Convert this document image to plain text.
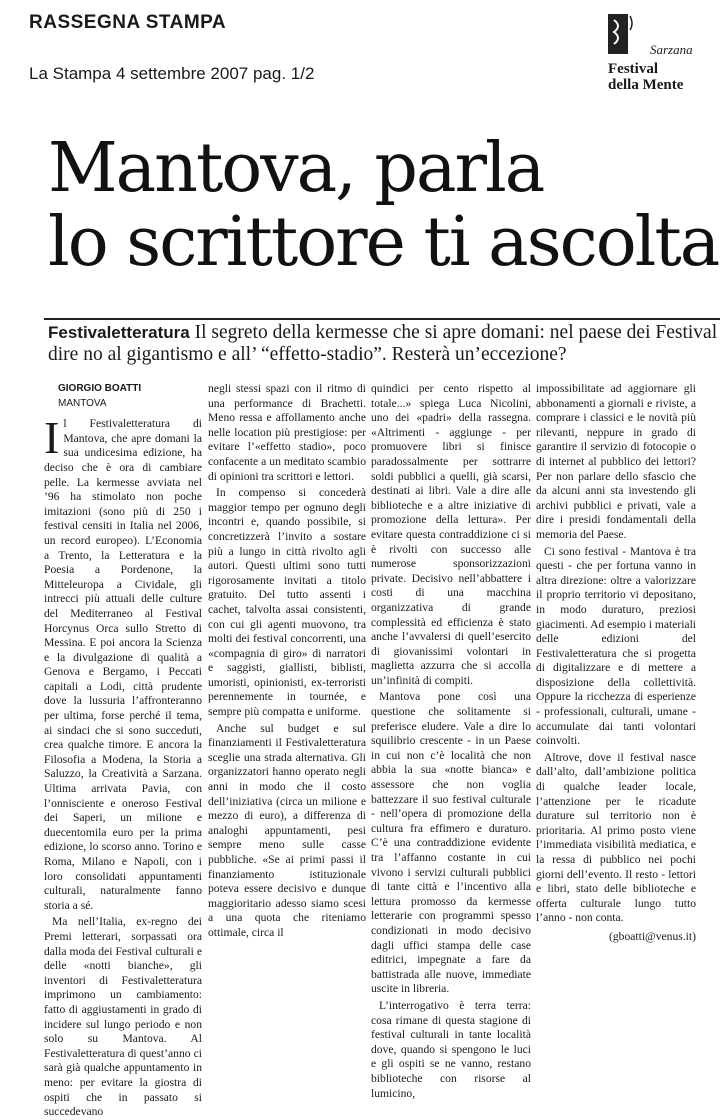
RASSEGNA STAMPA
La Stampa 4 settembre 2007 pag. 1/2
Sarzana
Festival
della Mente
Mantova, parla
lo scrittore ti ascolta
Festivaletteratura Il segreto della kermesse che si apre domani: nel paese dei Festival dire no al gigantismo e all’ “effetto-stadio”. Resterà un’eccezione?
GIORGIO BOATTI
MANTOVA

Il Festivaletteratura di Mantova, che apre domani la sua undicesima edizione, ha deciso che è ora di cambiare pelle. La kermesse avviata nel ’96 ha stimolato non poche imitazioni (sono più di 250 i festival censiti in Italia nel 2006, un record europeo). L’Economia a Trento, la Letteratura e la Poesia a Pordenone, la Mitteleuropa a Cividale, gli intrecci più attuali delle culture del Mediterraneo al Festival Horcynus Orca sullo Stretto di Messina. E poi ancora la Scienza e la divulgazione di qualità a Genova e Bergamo, i Peccati capitali a Lodi, città prudente dove la lussuria l’affronteranno per ultima, forse perché il tema, ai sindaci che si sono succeduti, crea qualche timore. E ancora la Filosofia a Modena, la Storia a Saluzzo, la Creatività a Sarzana. Ultima arrivata Pavia, con l’onnisciente e oneroso Festival dei Saperi, un milione e duecentomila euro per la prima edizione, lo scorso anno. Torino e Roma, Milano e Napoli, con i loro consolidati appuntamenti culturali, naturalmente fanno storia a sé.

Ma nell’Italia, ex-regno dei Premi letterari, sorpassati ora dalla moda dei Festival culturali e delle «notti bianche», gli inventori di Festivaletteratura imprimono un cambiamento: fatto di aggiustamenti in grado di incidere sul lungo periodo e non solo su Mantova. Al Festivaletteratura di quest’anno ci sarà già qualche appuntamento in meno: per evitare la giostra di ospiti che in passato si succedevano

negli stessi spazi con il ritmo di una performance di Brachetti. Meno ressa e affollamento anche nelle location più prestigiose: per evitare l’«effetto stadio», poco confacente a un meditato scambio di opinioni tra scrittori e lettori.

In compenso si concederà maggior tempo per ognuno degli incontri e, quando possibile, si concretizzerà l’invito a sostare più a lungo in città rivolto agli autori. Questi ultimi sono tutti rigorosamente invitati a titolo gratuito. Del tutto assenti i cachet, talvolta assai consistenti, con cui gli agenti muovono, tra molti dei festival concorrenti, una «compagnia di giro» di narratori e saggisti, giallisti, biblisti, umoristi, opinionisti, ex-terroristi perennemente in tournée, e sempre più compatta e uniforme.

Anche sul budget e sul finanziamenti il Festivaletteratura sceglie una strada alternativa. Gli organizzatori hanno operato negli anni in modo che il costo dell’iniziativa (circa un milione e mezzo di euro), a differenza di analoghi appuntamenti, pesi sempre meno sulle casse pubbliche. «Se ai primi passi il finanziamento istituzionale poteva essere decisivo e dunque maggioritario adesso siamo scesi a una quota che riteniamo ottimale, circa il

quindici per cento rispetto al totale...» spiega Luca Nicolini, uno dei «padri» della rassegna. «Altrimenti - aggiunge - per promuovere libri si finisce paradossalmente per sottrarre soldi pubblici a quelli, già scarsi, destinati ai libri. Vale a dire alle biblioteche e a altre iniziative di promozione della lettura». Per evitare questa contraddizione ci si è rivolti con successo alle numerose sponsorizzazioni private. Decisivo nell’abbattere i costi di una macchina organizzativa di grande complessità ed efficienza è stato anche l’avvalersi di quell’esercito di giovanissimi volontari in maglietta azzurra che si accolla un’infinità di compiti.

Mantova pone così una questione che solitamente si preferisce eludere. Vale a dire lo squilibrio crescente - in un Paese in cui non c’è località che non abbia la sua «notte bianca» e assessore che non voglia battezzare il suo festival culturale - nell’opera di promozione della cultura fra effimero e duraturo. C’è una contraddizione evidente tra l’affanno costante in cui vivono i servizi culturali pubblici di tante città e l’incentivo alla lettura promosso da kermesse letterarie con programmi spesso condizionati in modo decisivo dagli uffici stampa delle case editrici, impegnate a fare da battistrada alle nuove, immediate uscite in libreria.

L’interrogativo è terra terra: cosa rimane di questa stagione di festival culturali in tante località dove, quando si spengono le luci e gli ospiti se ne vanno, restano biblioteche con risorse al lumicino,

impossibilitate ad aggiornare gli abbonamenti a giornali e riviste, a comprare i classici e le novità più rilevanti, neppure in grado di garantire il servizio di fotocopie o di internet al pubblico dei lettori? Per non parlare dello sfascio che da alcuni anni sta investendo gli archivi pubblici e privati, vale a dire i presidi fondamentali della memoria del Paese.

Ci sono festival - Mantova è tra questi - che per fortuna vanno in altra direzione: oltre a valorizzare il proprio territorio vi depositano, in modo duraturo, preziosi giacimenti. Ad esempio i materiali delle edizioni del Festivaletteratura che si progetta di digitalizzare e di mettere a disposizione della collettività. Oppure la ricchezza di esperienze - professionali, culturali, umane - accumulate dai tanti volontari coinvolti.

Altrove, dove il festival nasce dall’alto, dall’ambizione politica di qualche leader locale, l’attenzione per le ricadute durature sul territorio non è prioritaria. Al primo posto viene l’immediata visibilità mediatica, e la ressa di pubblico nei pochi giorni dell’evento. Il resto - lettori e libri, stato delle biblioteche e offerta culturale lungo tutto l’anno - non conta.

(gboatti@venus.it)
